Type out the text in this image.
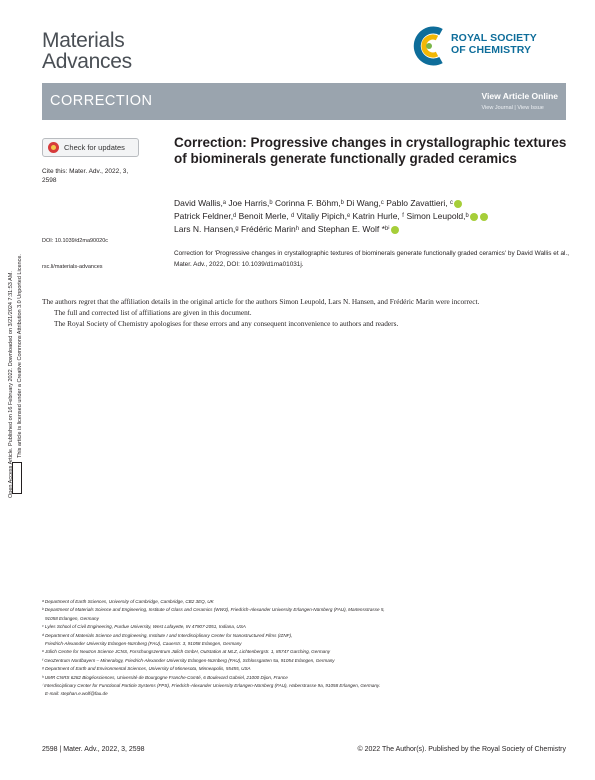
Materials
Advances
ROYAL SOCIETY
OF CHEMISTRY
CORRECTION	View Article Online
View Journal | View Issue
Check for updates
Cite this: Mater. Adv., 2022, 3, 2598
Correction: Progressive changes in crystallographic textures of biominerals generate functionally graded ceramics
David Wallis,ᵃ Joe Harris,ᵇ Corinna F. Böhm,ᵇ Di Wang,ᶜ Pablo Zavattieri, ᶜ
Patrick Feldner,ᵈ Benoit Merle, ᵈ Vitaliy Pipich,ᵉ Katrin Hurle, ᶠ Simon Leupold,ᵇ
Lars N. Hansen,ᵍ Frédéric Marinʰ and Stephan E. Wolf *ᵇⁱ
DOI: 10.1039/d2ma90020c
rsc.li/materials-advances
Correction for 'Progressive changes in crystallographic textures of biominerals generate functionally graded ceramics' by David Wallis et al., Mater. Adv., 2022, DOI: 10.1039/d1ma01031j.

The authors regret that the affiliation details in the original article for the authors Simon Leupold, Lars N. Hansen, and Frédéric Marin were incorrect.

The full and corrected list of affiliations are given in this document.

The Royal Society of Chemistry apologises for these errors and any consequent inconvenience to authors and readers.

Open Access Article. Published on 16 February 2022. Downloaded on 3/21/2024 7:31:53 AM. This article is licensed under a Creative Commons Attribution 3.0 Unported Licence.
ᵃ Department of Earth Sciences, University of Cambridge, Cambridge, CB2 3EQ, UK
ᵇ Department of Materials Science and Engineering, Institute of Glass and Ceramics (WW3), Friedrich-Alexander University Erlangen-Nürnberg (FAU), Martensstrasse 5,
91058 Erlangen, Germany
ᶜ Lyles School of Civil Engineering, Purdue University, West Lafayette, IN 47907-2051, Indiana, USA
ᵈ Department of Materials Science and Engineering, Institute I and Interdisciplinary Center for Nanostructured Films (IZNF),
Friedrich-Alexander University Erlangen-Nürnberg (FAU), Cauerstr. 3, 91058 Erlangen, Germany
ᵉ Jülich Centre for Neutron Science JCNS, Forschungszentrum Jülich GmbH, Outstation at MLZ, Lichtenbergstr. 1, 85747 Garching, Germany
ᶠ GeoZentrum Nordbayern – Mineralogy, Friedrich-Alexander University Erlangen-Nürnberg (FAU), Schlossgarten 5a, 91054 Erlangen, Germany
ᵍ Department of Earth and Environmental Sciences, University of Minnesota, Minneapolis, 55455, USA
ʰ UMR CNRS 6282 Biogéosciences, Université de Bourgogne Franche-Comté, 6 Boulevard Gabriel, 21000 Dijon, France
ⁱ Interdisciplinary Center for Functional Particle Systems (FPS), Friedrich-Alexander University Erlangen-Nürnberg (FAU), Haberstrasse 9a, 91058 Erlangen, Germany.
E-mail: stephan.e.wolf@fau.de
2598 | Mater. Adv., 2022, 3, 2598	© 2022 The Author(s). Published by the Royal Society of Chemistry
